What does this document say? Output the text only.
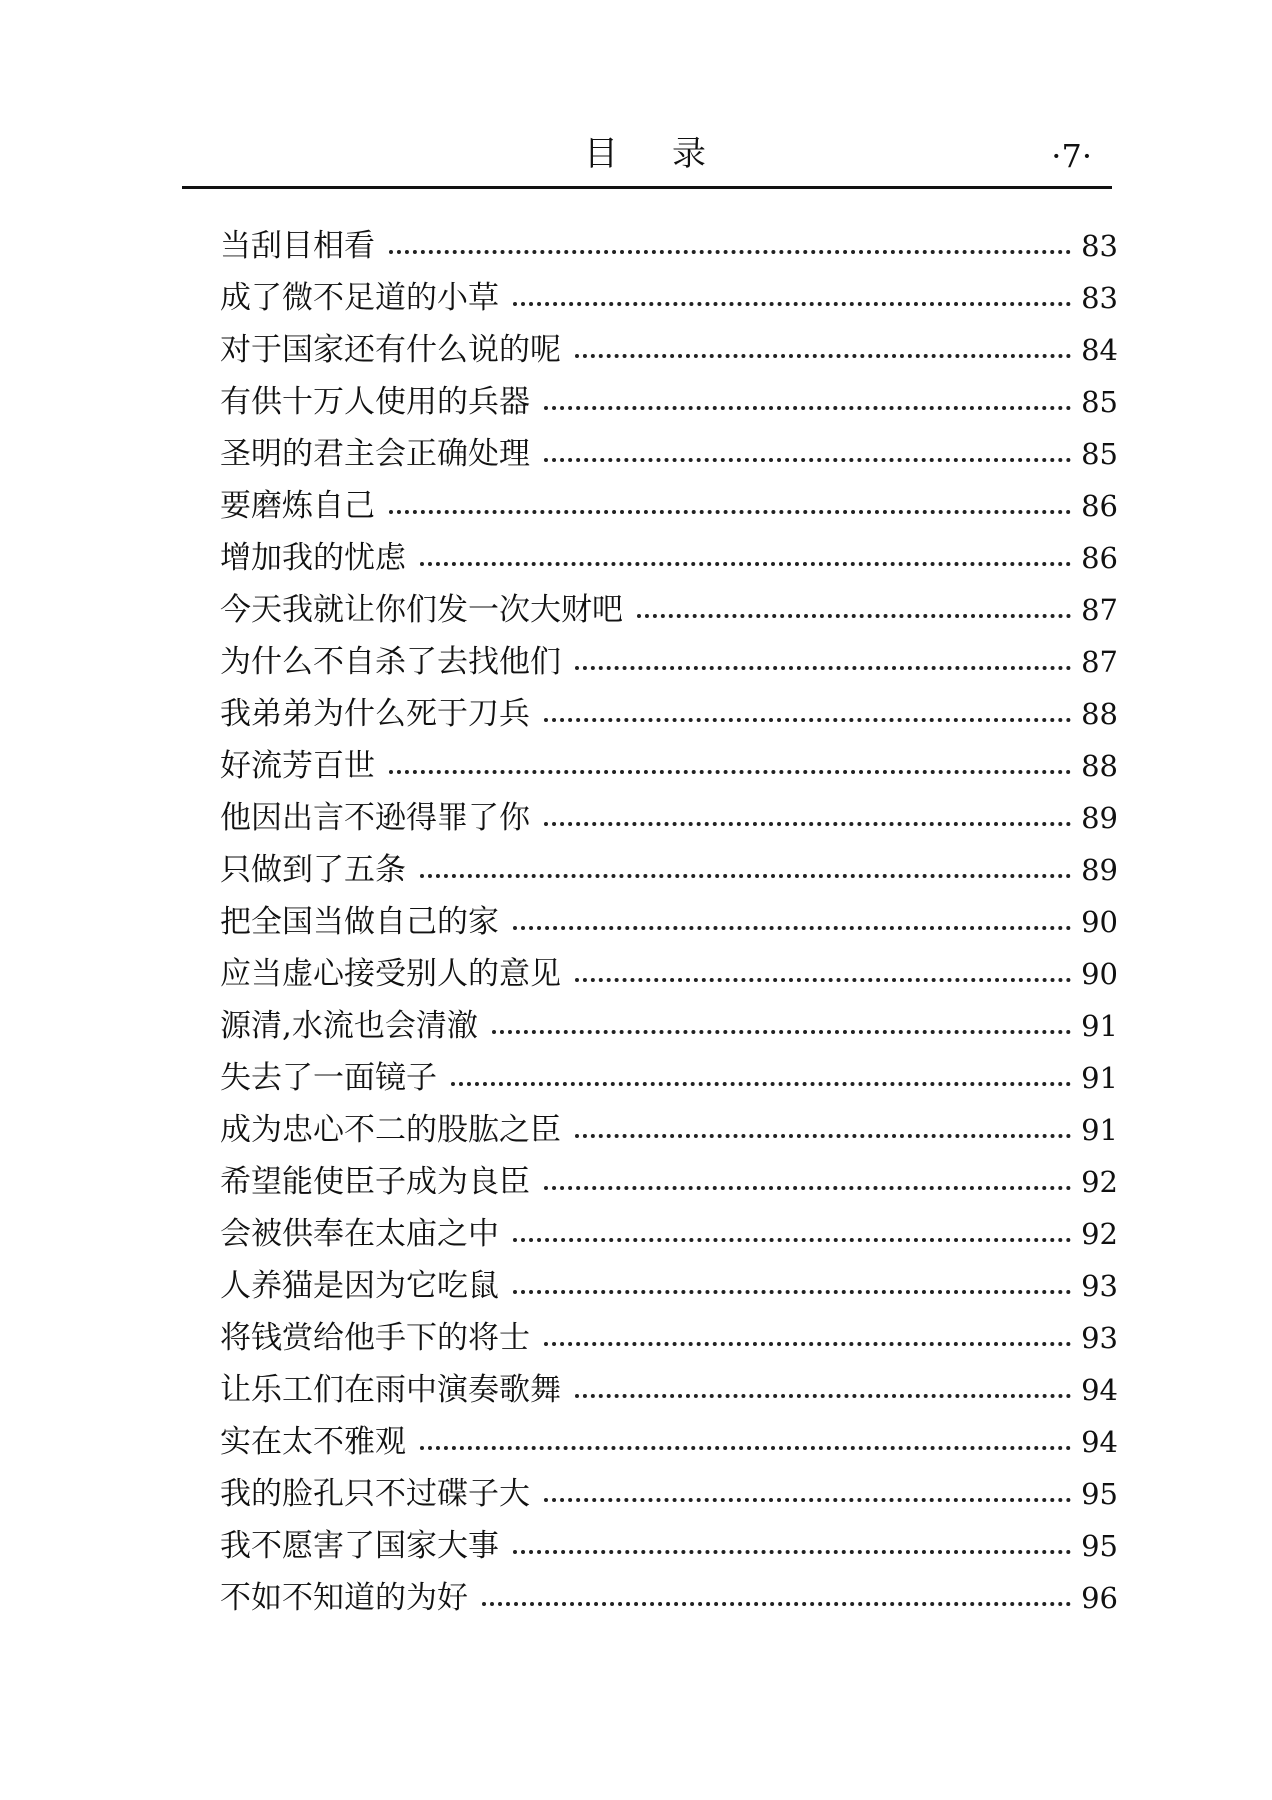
目录	·7·
当刮目相看	83
成了微不足道的小草	83
对于国家还有什么说的呢	84
有供十万人使用的兵器	85
圣明的君主会正确处理	85
要磨炼自己	86
增加我的忧虑	86
今天我就让你们发一次大财吧	87
为什么不自杀了去找他们	87
我弟弟为什么死于刀兵	88
好流芳百世	88
他因出言不逊得罪了你	89
只做到了五条	89
把全国当做自己的家	90
应当虚心接受别人的意见	90
源清,水流也会清澈	91
失去了一面镜子	91
成为忠心不二的股肱之臣	91
希望能使臣子成为良臣	92
会被供奉在太庙之中	92
人养猫是因为它吃鼠	93
将钱赏给他手下的将士	93
让乐工们在雨中演奏歌舞	94
实在太不雅观	94
我的脸孔只不过碟子大	95
我不愿害了国家大事	95
不如不知道的为好	96
